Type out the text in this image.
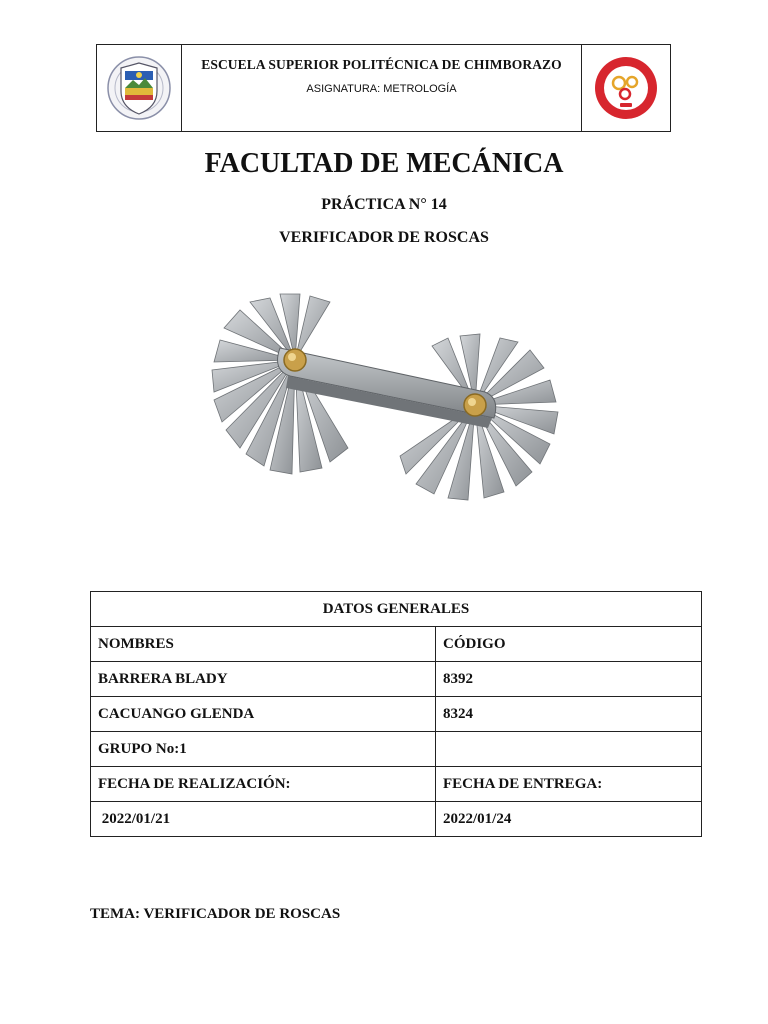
ESCUELA SUPERIOR POLITÉCNICA DE CHIMBORAZO
ASIGNATURA: METROLOGÍA
FACULTAD DE MECÁNICA
PRÁCTICA N° 14
VERIFICADOR DE ROSCAS
DATOS GENERALES	
NOMBRES	CÓDIGO
BARRERA BLADY	8392
CACUANGO GLENDA	8324
GRUPO No:1	
FECHA DE REALIZACIÓN:	FECHA DE ENTREGA:
2022/01/21	2022/01/24
TEMA: VERIFICADOR DE ROSCAS
